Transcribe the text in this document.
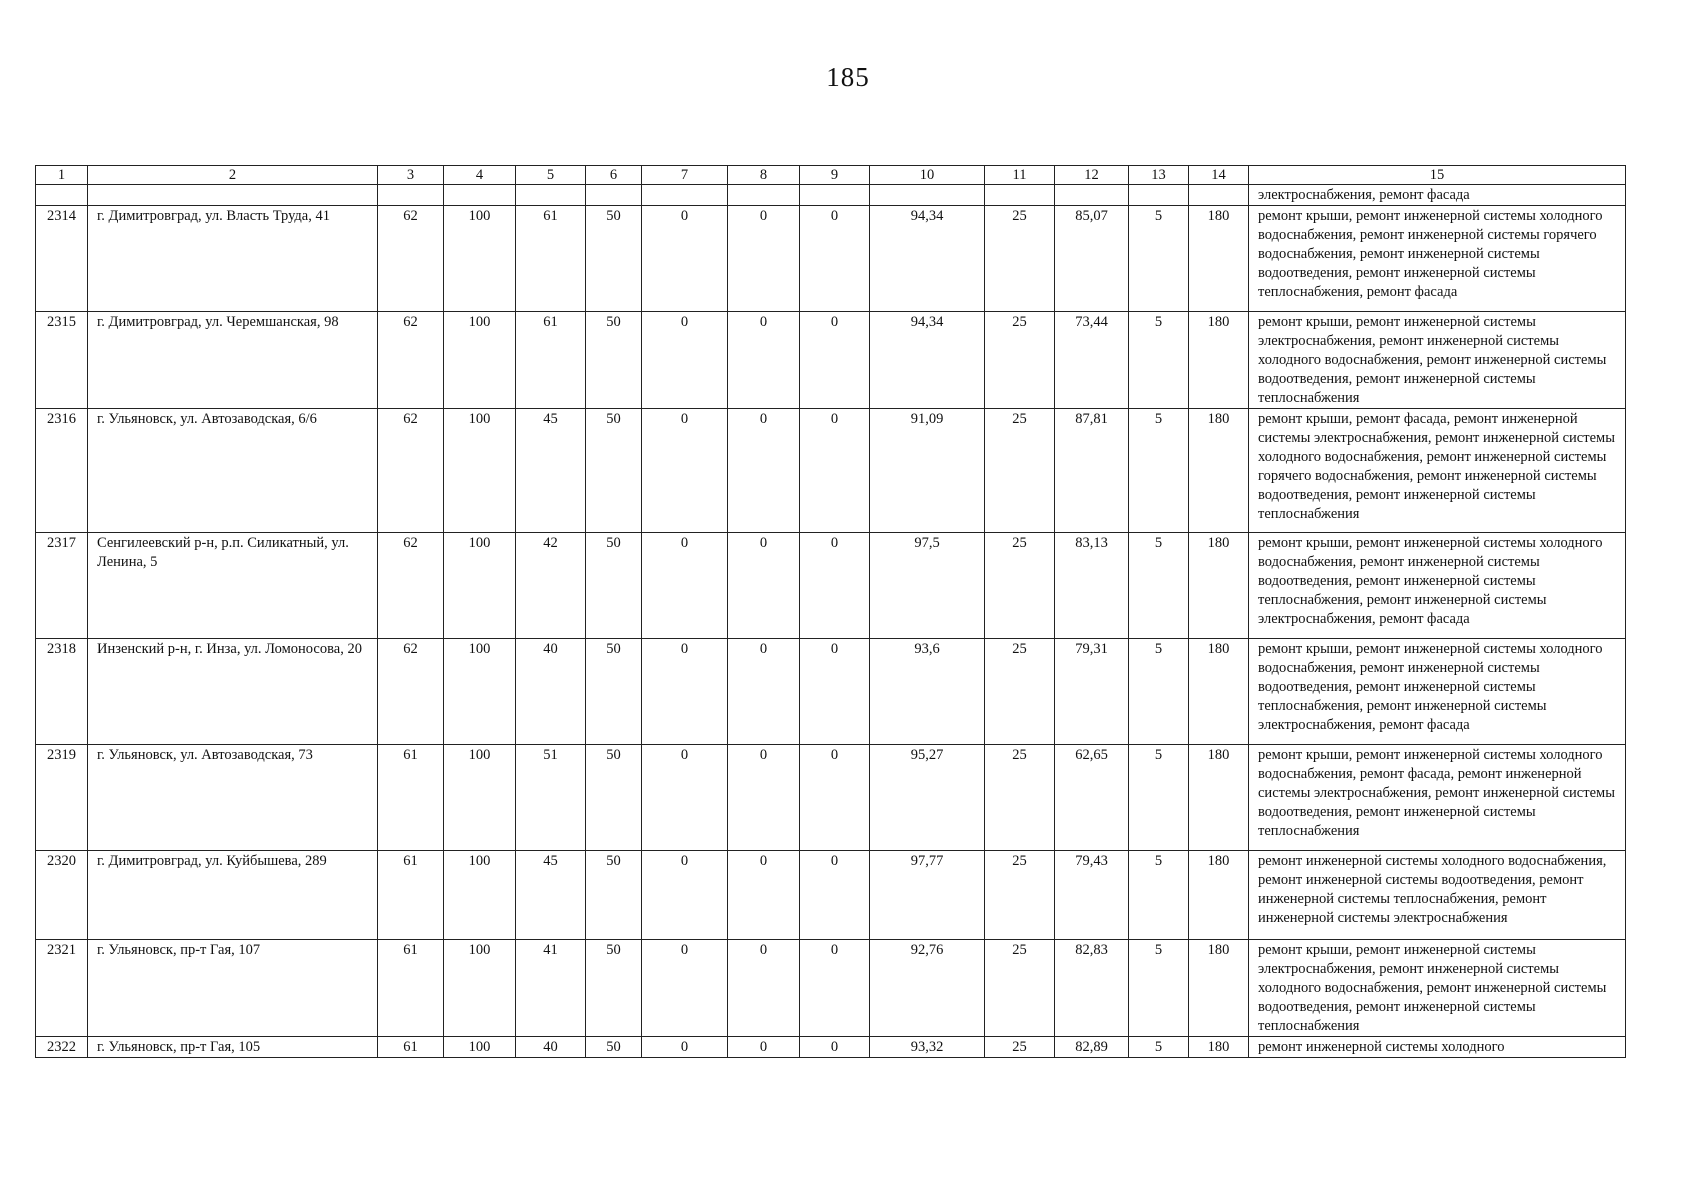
185
1	2	3	4	5	6	7	8	9	10	11	12	13	14	15
														электроснабжения, ремонт фасада
2314	г. Димитровград, ул. Власть Труда, 41	62	100	61	50	0	0	0	94,34	25	85,07	5	180	ремонт крыши, ремонт инженерной системы холодного водоснабжения, ремонт инженерной системы горячего водоснабжения, ремонт инженерной системы водоотведения, ремонт инженерной системы теплоснабжения, ремонт фасада
2315	г. Димитровград, ул. Черемшанская, 98	62	100	61	50	0	0	0	94,34	25	73,44	5	180	ремонт крыши, ремонт инженерной системы электроснабжения, ремонт инженерной системы холодного водоснабжения, ремонт инженерной системы водоотведения, ремонт инженерной системы теплоснабжения
2316	г. Ульяновск, ул. Автозаводская, 6/6	62	100	45	50	0	0	0	91,09	25	87,81	5	180	ремонт крыши, ремонт фасада, ремонт инженерной системы электроснабжения, ремонт инженерной системы холодного водоснабжения, ремонт инженерной системы горячего водоснабжения, ремонт инженерной системы водоотведения, ремонт инженерной системы теплоснабжения
2317	Сенгилеевский р-н, р.п. Силикатный, ул. Ленина, 5	62	100	42	50	0	0	0	97,5	25	83,13	5	180	ремонт крыши, ремонт инженерной системы холодного водоснабжения, ремонт инженерной системы водоотведения, ремонт инженерной системы теплоснабжения, ремонт инженерной системы электроснабжения, ремонт фасада
2318	Инзенский р-н, г. Инза, ул. Ломоносова, 20	62	100	40	50	0	0	0	93,6	25	79,31	5	180	ремонт крыши, ремонт инженерной системы холодного водоснабжения, ремонт инженерной системы водоотведения, ремонт инженерной системы теплоснабжения, ремонт инженерной системы электроснабжения, ремонт фасада
2319	г. Ульяновск, ул. Автозаводская, 73	61	100	51	50	0	0	0	95,27	25	62,65	5	180	ремонт крыши, ремонт инженерной системы холодного водоснабжения, ремонт фасада, ремонт инженерной системы электроснабжения, ремонт инженерной системы водоотведения, ремонт инженерной системы теплоснабжения
2320	г. Димитровград, ул. Куйбышева, 289	61	100	45	50	0	0	0	97,77	25	79,43	5	180	ремонт инженерной системы холодного водоснабжения, ремонт инженерной системы водоотведения, ремонт инженерной системы теплоснабжения, ремонт инженерной системы электроснабжения
2321	г. Ульяновск, пр-т Гая, 107	61	100	41	50	0	0	0	92,76	25	82,83	5	180	ремонт крыши, ремонт инженерной системы электроснабжения, ремонт инженерной системы холодного водоснабжения, ремонт инженерной системы водоотведения, ремонт инженерной системы теплоснабжения
2322	г. Ульяновск, пр-т Гая, 105	61	100	40	50	0	0	0	93,32	25	82,89	5	180	ремонт инженерной системы холодного
